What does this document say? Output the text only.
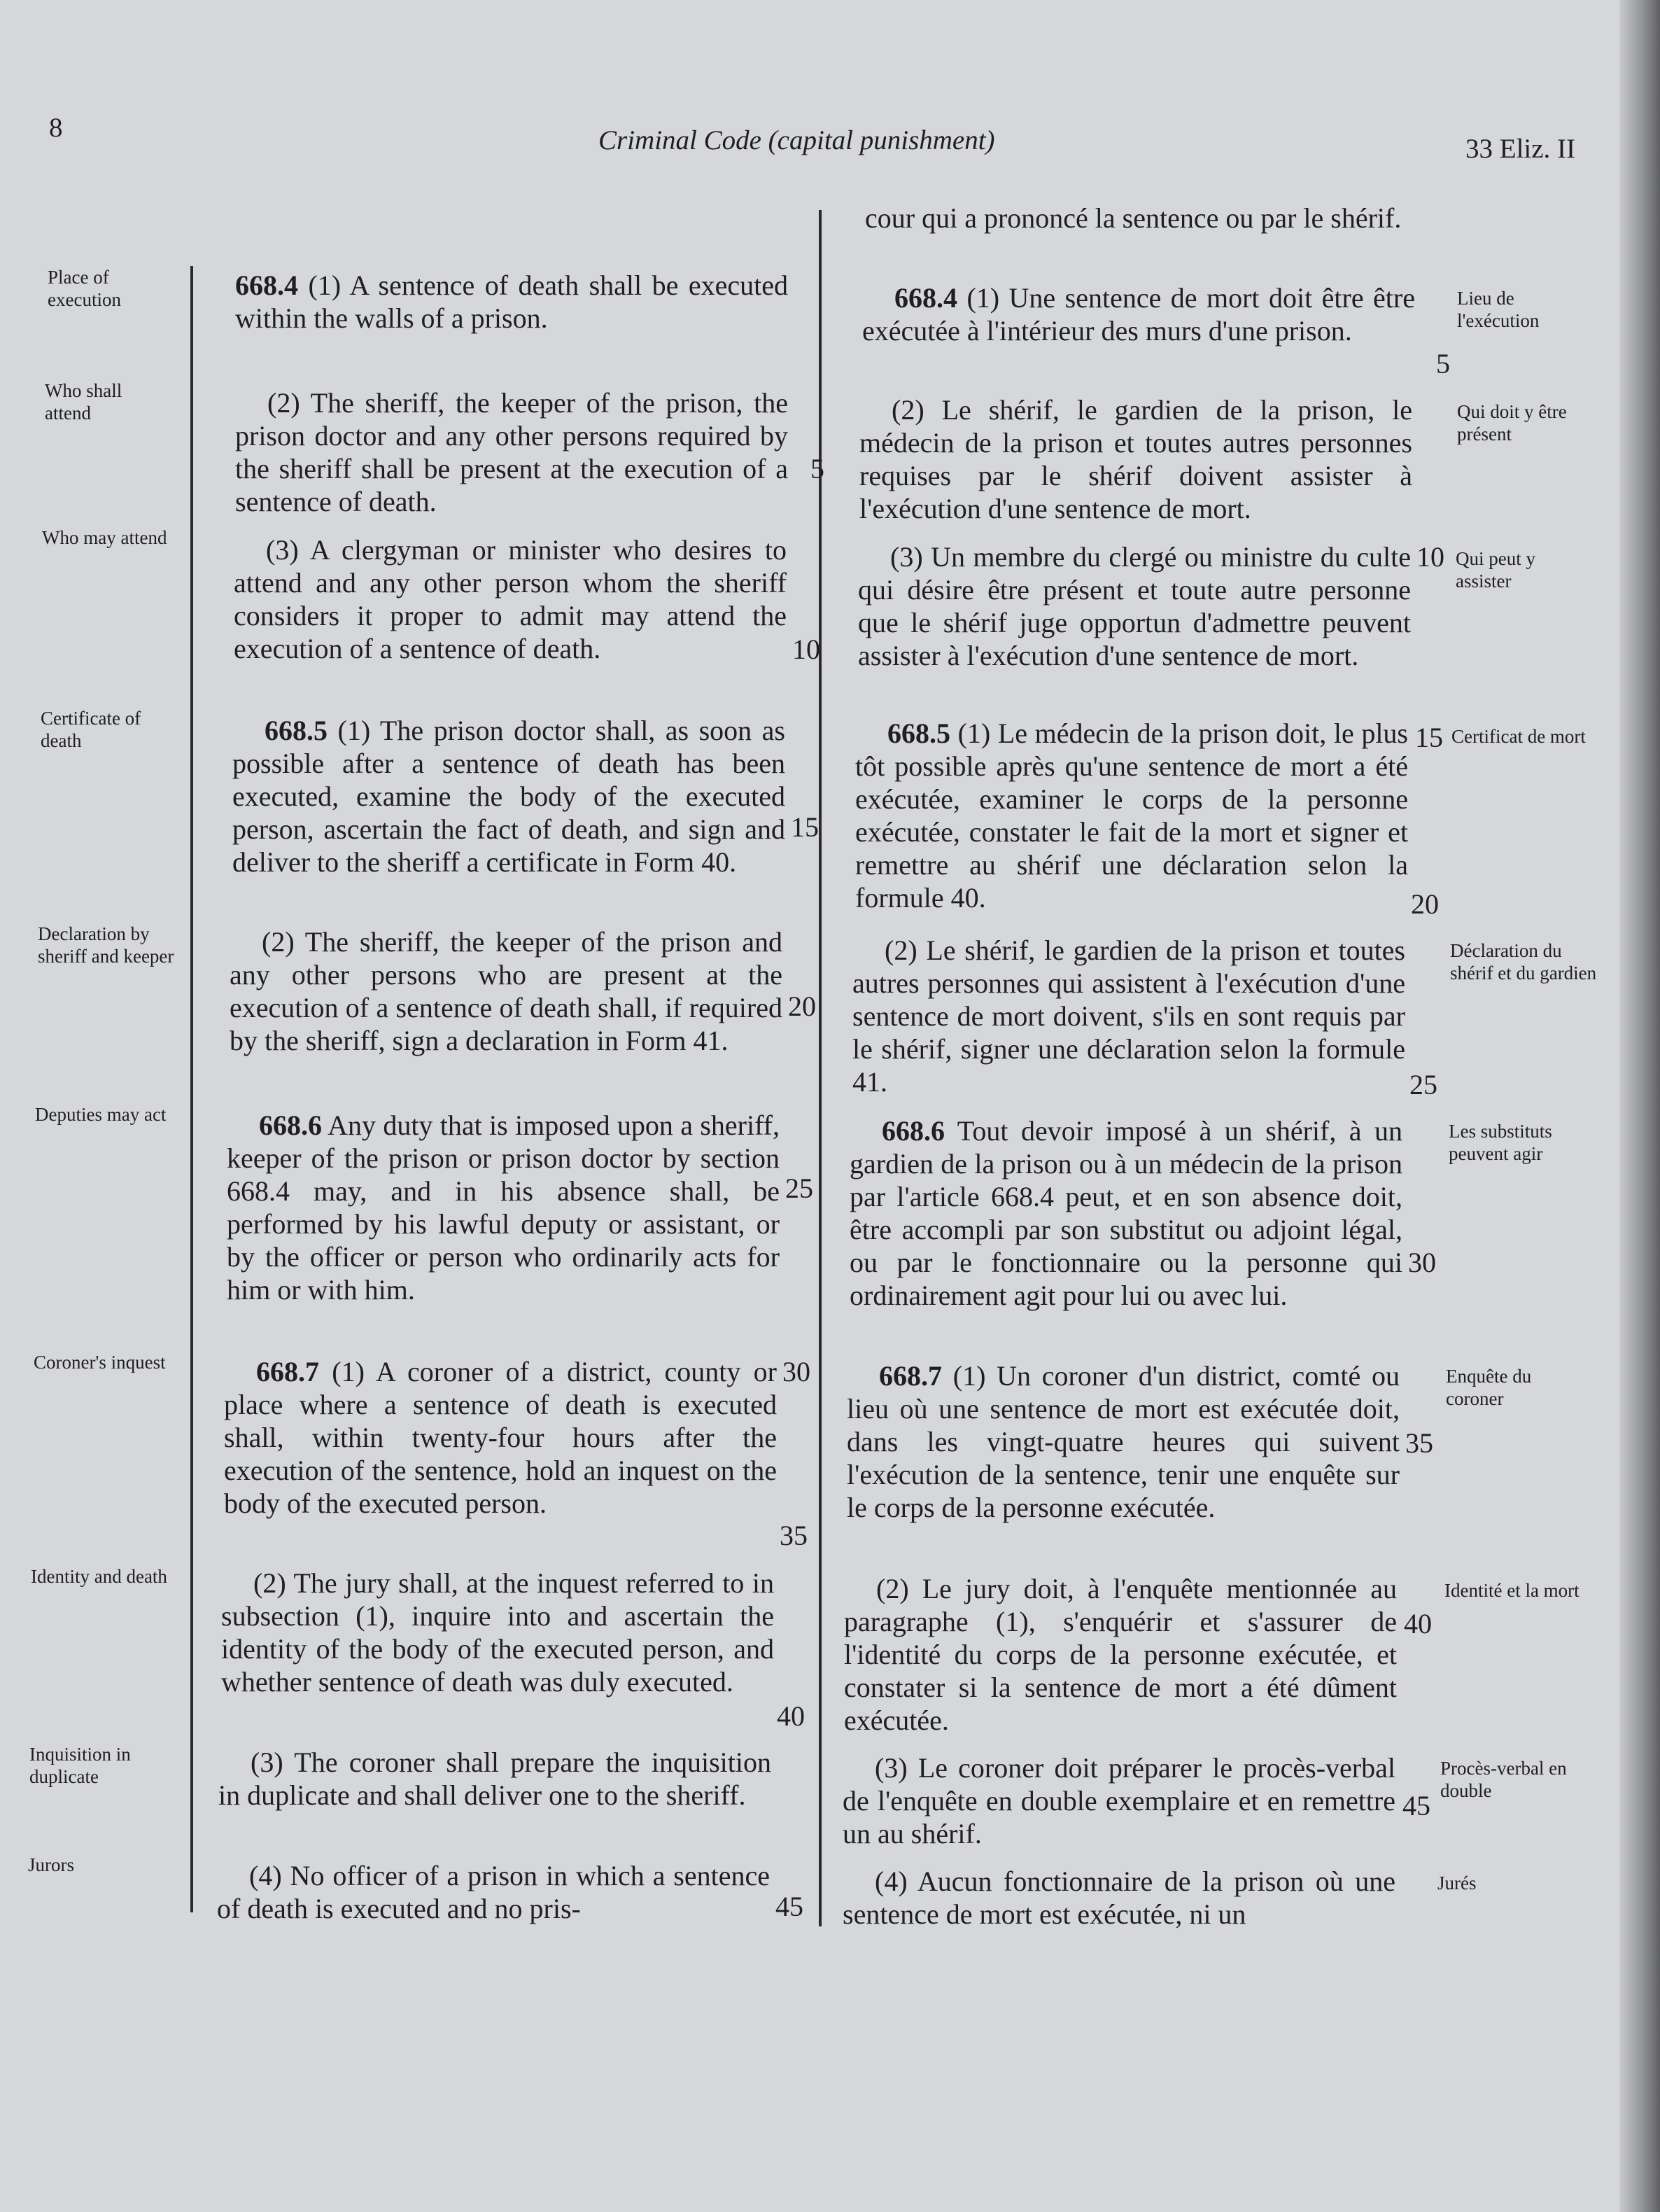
8	Criminal Code (capital punishment)	33 Eliz. II
Place of execution
Who shall attend
Who may attend
Certificate of death
Declaration by sheriff and keeper
Deputies may act
Coroner's inquest
Identity and death
Inquisition in duplicate
Jurors

668.4 (1) A sentence of death shall be executed within the walls of a prison.

(2) The sheriff, the keeper of the prison, the prison doctor and any other persons required by the sheriff shall be present at the execution of a sentence of death.

(3) A clergyman or minister who desires to attend and any other person whom the sheriff considers it proper to admit may attend the execution of a sentence of death.

668.5 (1) The prison doctor shall, as soon as possible after a sentence of death has been executed, examine the body of the executed person, ascertain the fact of death, and sign and deliver to the sheriff a certificate in Form 40.

(2) The sheriff, the keeper of the prison and any other persons who are present at the execution of a sentence of death shall, if required by the sheriff, sign a declaration in Form 41.

668.6 Any duty that is imposed upon a sheriff, keeper of the prison or prison doctor by section 668.4 may, and in his absence shall, be performed by his lawful deputy or assistant, or by the officer or person who ordinarily acts for him or with him.

668.7 (1) A coroner of a district, county or place where a sentence of death is executed shall, within twenty-four hours after the execution of the sentence, hold an inquest on the body of the executed person.

(2) The jury shall, at the inquest referred to in subsection (1), inquire into and ascertain the identity of the body of the executed person, and whether sentence of death was duly executed.

(3) The coroner shall prepare the inquisition in duplicate and shall deliver one to the sheriff.

(4) No officer of a prison in which a sentence of death is executed and no pris-

5
10
15
20
25
30
35
40
45

cour qui a prononcé la sentence ou par le shérif.

668.4 (1) Une sentence de mort doit être être exécutée à l'intérieur des murs d'une prison.

(2) Le shérif, le gardien de la prison, le médecin de la prison et toutes autres personnes requises par le shérif doivent assister à l'exécution d'une sentence de mort.

(3) Un membre du clergé ou ministre du culte qui désire être présent et toute autre personne que le shérif juge opportun d'admettre peuvent assister à l'exécution d'une sentence de mort.

668.5 (1) Le médecin de la prison doit, le plus tôt possible après qu'une sentence de mort a été exécutée, examiner le corps de la personne exécutée, constater le fait de la mort et signer et remettre au shérif une déclaration selon la formule 40.

(2) Le shérif, le gardien de la prison et toutes autres personnes qui assistent à l'exécution d'une sentence de mort doivent, s'ils en sont requis par le shérif, signer une déclaration selon la formule 41.

668.6 Tout devoir imposé à un shérif, à un gardien de la prison ou à un médecin de la prison par l'article 668.4 peut, et en son absence doit, être accompli par son substitut ou adjoint légal, ou par le fonctionnaire ou la personne qui ordinairement agit pour lui ou avec lui.

668.7 (1) Un coroner d'un district, comté ou lieu où une sentence de mort est exécutée doit, dans les vingt-quatre heures qui suivent l'exécution de la sentence, tenir une enquête sur le corps de la personne exécutée.

(2) Le jury doit, à l'enquête mentionnée au paragraphe (1), s'enquérir et s'assurer de l'identité du corps de la personne exécutée, et constater si la sentence de mort a été dûment exécutée.

(3) Le coroner doit préparer le procès-verbal de l'enquête en double exemplaire et en remettre un au shérif.

(4) Aucun fonctionnaire de la prison où une sentence de mort est exécutée, ni un

5
10
15
20
25
30
35
40
45
Lieu de l'exécution
Qui doit y être présent
Qui peut y assister
Certificat de mort
Déclaration du shérif et du gardien
Les substituts peuvent agir
Enquête du coroner
Identité et la mort
Procès-verbal en double
Jurés
